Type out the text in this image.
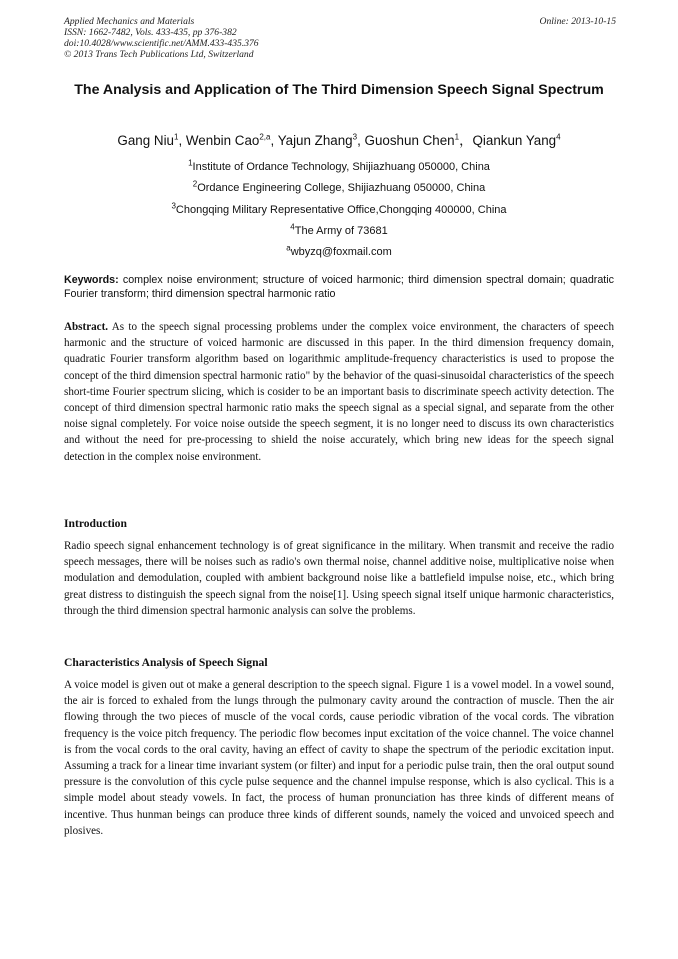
Applied Mechanics and Materials
ISSN: 1662-7482, Vols. 433-435, pp 376-382
doi:10.4028/www.scientific.net/AMM.433-435.376
© 2013 Trans Tech Publications Ltd, Switzerland
Online: 2013-10-15
The Analysis and Application of The Third Dimension Speech Signal Spectrum
Gang Niu$^1$, Wenbin Cao$^{2,a}$, Yajun Zhang$^3$, Guoshun Chen$^1$，Qiankun Yang$^4$
$^1$Institute of Ordance Technology, Shijiazhuang 050000, China
$^2$Ordance Engineering College, Shijiazhuang 050000, China
$^3$Chongqing Military Representative Office,Chongqing 400000, China
$^4$The Army of 73681
$^a$wbyzq@foxmail.com
Keywords: complex noise environment; structure of voiced harmonic; third dimension spectral domain; quadratic Fourier transform; third dimension spectral harmonic ratio
Abstract. As to the speech signal processing problems under the complex voice environment, the characters of speech harmonic and the structure of voiced harmonic are discussed in this paper. In the third dimension frequency domain, quadratic Fourier transform algorithm based on logarithmic amplitude-frequency characteristics is used to propose the concept of the third dimension spectral harmonic ratio" by the behavior of the quasi-sinusoidal characteristics of the speech short-time Fourier spectrum slicing, which is cosider to be an important basis to discriminate speech activity detection. The concept of third dimension spectral harmonic ratio maks the speech signal as a special signal, and separate from the other noise signal completely. For voice noise outside the speech segment, it is no longer need to discuss its own characteristics and without the need for pre-processing to shield the noise accurately, which bring new ideas for the speech signal detection in the complex noise environment.
Introduction
Radio speech signal enhancement technology is of great significance in the military. When transmit and receive the radio speech messages, there will be noises such as radio's own thermal noise, channel additive noise, multiplicative noise when modulation and demodulation, coupled with ambient background noise like a battlefield impulse noise, etc., which bring great distress to distinguish the speech signal from the noise[1]. Using speech signal itself unique harmonic characteristics, through the third dimension spectral harmonic analysis can solve the problems.
Characteristics Analysis of Speech Signal
A voice model is given out ot make a general description to the speech signal. Figure 1 is a vowel model. In a vowel sound, the air is forced to exhaled from the lungs through the pulmonary cavity around the contraction of muscle. Then the air flowing through the two pieces of muscle of the vocal cords, cause periodic vibration of the vocal cords. The vibration frequency is the voice pitch frequency. The periodic flow becomes input excitation of the voice channel. The voice channel is from the vocal cords to the oral cavity, having an effect of cavity to shape the spectrum of the periodic excitation input. Assuming a track for a linear time invariant system (or filter) and input for a periodic pulse train, then the oral output sound pressure is the convolution of this cycle pulse sequence and the channel impulse response, which is also cyclical. This is a simple model about steady vowels. In fact, the process of human pronunciation has three kinds of different means of incentive. Thus hunman beings can produce three kinds of different sounds, namely the voiced and unvoiced speech and plosives.
